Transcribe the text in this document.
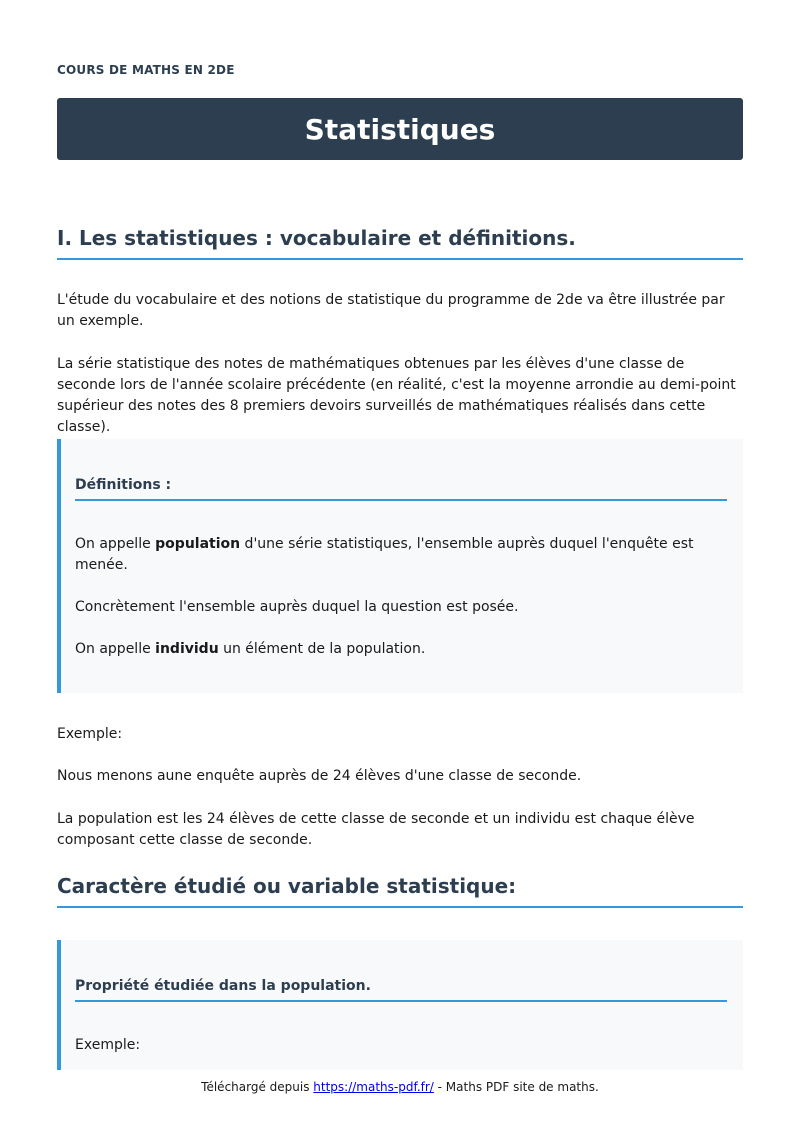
COURS DE MATHS EN 2DE
Statistiques
I. Les statistiques : vocabulaire et définitions.

L'étude du vocabulaire et des notions de statistique du programme de 2de va être illustrée par un exemple.

La série statistique des notes de mathématiques obtenues par les élèves d'une classe de seconde lors de l'année scolaire précédente (en réalité, c'est la moyenne arrondie au demi-point supérieur des notes des 8 premiers devoirs surveillés de mathématiques réalisés dans cette classe).

Définitions :

On appelle population d'une série statistiques, l'ensemble auprès duquel l'enquête est menée.

Concrètement l'ensemble auprès duquel la question est posée.

On appelle individu un élément de la population.

Exemple:

Nous menons aune enquête auprès de 24 élèves d'une classe de seconde.

La population est les 24 élèves de cette classe de seconde et un individu est chaque élève composant cette classe de seconde.

Caractère étudié ou variable statistique:
Propriété étudiée dans la population.

Exemple:

Téléchargé depuis https://maths-pdf.fr/ - Maths PDF site de maths.
